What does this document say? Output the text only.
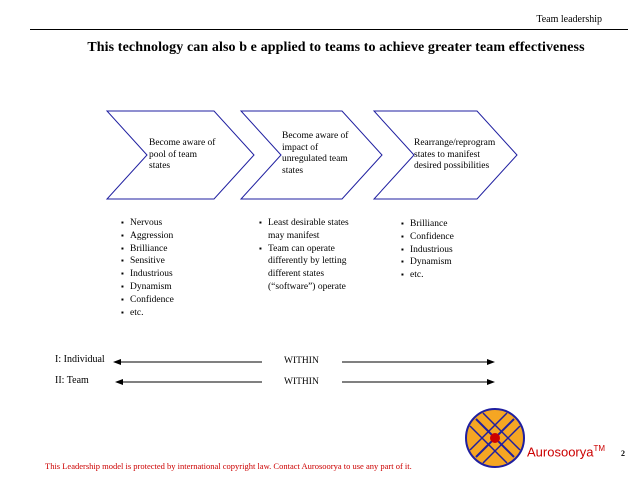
Team leadership
This technology can also b e applied to teams to achieve greater team effectiveness
Become aware of
pool of team
states
Become aware of
impact of
unregulated team
states
Rearrange/reprogram
states to manifest
desired possibilities
▪ Nervous
▪ Aggression
▪ Brilliance
▪ Sensitive
▪ Industrious
▪ Dynamism
▪ Confidence
▪ etc.
▪ Least desirable states may manifest
▪ Team can operate differently by letting different states (“software”) operate
▪ Brilliance
▪ Confidence
▪ Industrious
▪ Dynamism
▪ etc.
I: Individual	WITHIN
II: Team	WITHIN
This Leadership model is protected by international copyright law. Contact Aurosoorya to use any part of it.
Aurosoorya™
2
